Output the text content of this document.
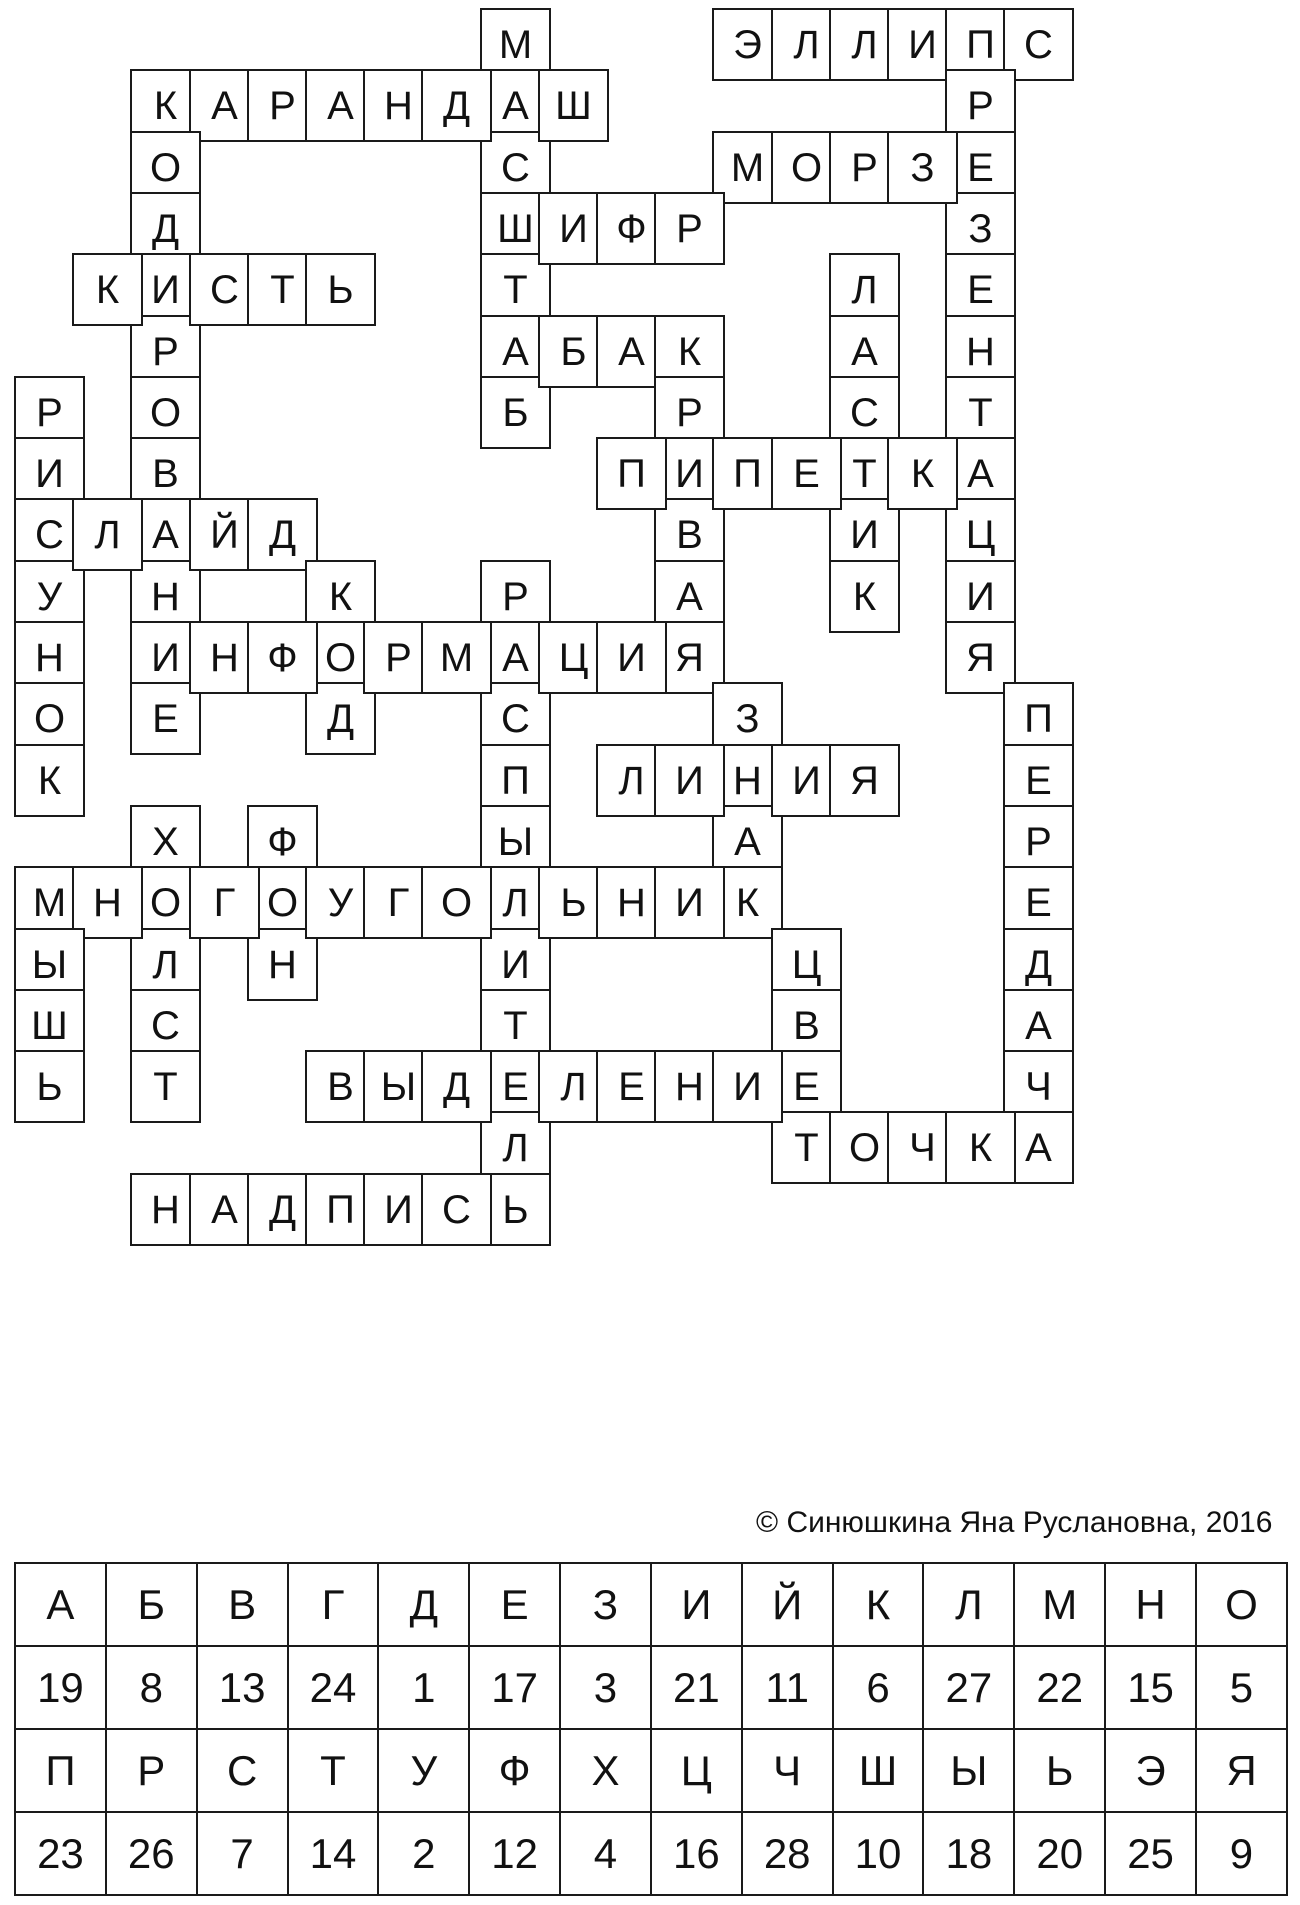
М
А
С
Ш
Т
А
Б
Э Л Л И П С
К А Р А Н Д	Ш	Р
Е
З
Е
Н
Т
А
Ц
И
Я
М О Р З
О
Д
И
Р
О
В
А
Н
И
Е
И Ф Р
К	С Т Ь	Л
А
С
Т
И
К
Б А К
Р
И
В
А
Я
Р
И
С
У
Н
О
К
П	П Е	К
Л	Й Д
К
О
Д
Р
А
С
П
Ы
Л
И
Т
Е
Л
Ь
Н Ф	Р М	Ц И
З
Н
А
К
П
Е
Р
Е
Д
А
Ч
А
Л И	И Я
Х
О
Л
С
Т
Ф
О
Н
М Н	Г	У Г О	Ь Н И
Ы
Ш
Ь
Ц
В
Е
Т
В Ы Д	Л Е Н И
О Ч К
Н А Д П И С
© Синюшкина Яна Руслановна, 2016
А	Б	В	Г	Д	Е	З	И	Й	К	Л	М	Н	О
19	8	13	24	1	17	3	21	11	6	27	22	15	5
П	Р	С	Т	У	Ф	Х	Ц	Ч	Ш	Ы	Ь	Э	Я
23	26	7	14	2	12	4	16	28	10	18	20	25	9
